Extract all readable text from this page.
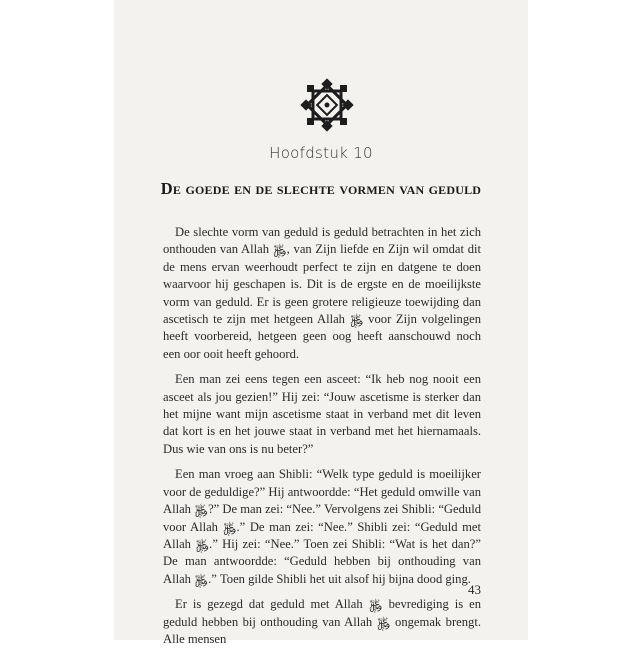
Hoofdstuk 10
De goede en de slechte vormen van geduld

De slechte vorm van geduld is geduld betrachten in het zich onthouden van Allah ﷿, van Zijn liefde en Zijn wil omdat dit de mens ervan weerhoudt perfect te zijn en datgene te doen waarvoor hij geschapen is. Dit is de ergste en de moeilijkste vorm van geduld. Er is geen grotere religieuze toewijding dan ascetisch te zijn met hetgeen Allah ﷿ voor Zijn volgelingen heeft voorbereid, hetgeen geen oog heeft aanschouwd noch een oor ooit heeft gehoord.

Een man zei eens tegen een asceet: “Ik heb nog nooit een asceet als jou gezien!” Hij zei: “Jouw ascetisme is sterker dan het mijne want mijn ascetisme staat in verband met dit leven dat kort is en het jouwe staat in verband met het hiernamaals. Dus wie van ons is nu beter?”

Een man vroeg aan Shibli: “Welk type geduld is moeilijker voor de geduldige?” Hij antwoordde: “Het geduld omwille van Allah ﷿?” De man zei: “Nee.” Vervolgens zei Shibli: “Geduld voor Allah ﷿.” De man zei: “Nee.” Shibli zei: “Geduld met Allah ﷿.” Hij zei: “Nee.” Toen zei Shibli: “Wat is het dan?” De man antwoordde: “Geduld hebben bij onthouding van Allah ﷿.” Toen gilde Shibli het uit alsof hij bijna dood ging.

Er is gezegd dat geduld met Allah ﷿ bevrediging is en geduld hebben bij onthouding van Allah ﷿ ongemak brengt. Alle mensen

43
